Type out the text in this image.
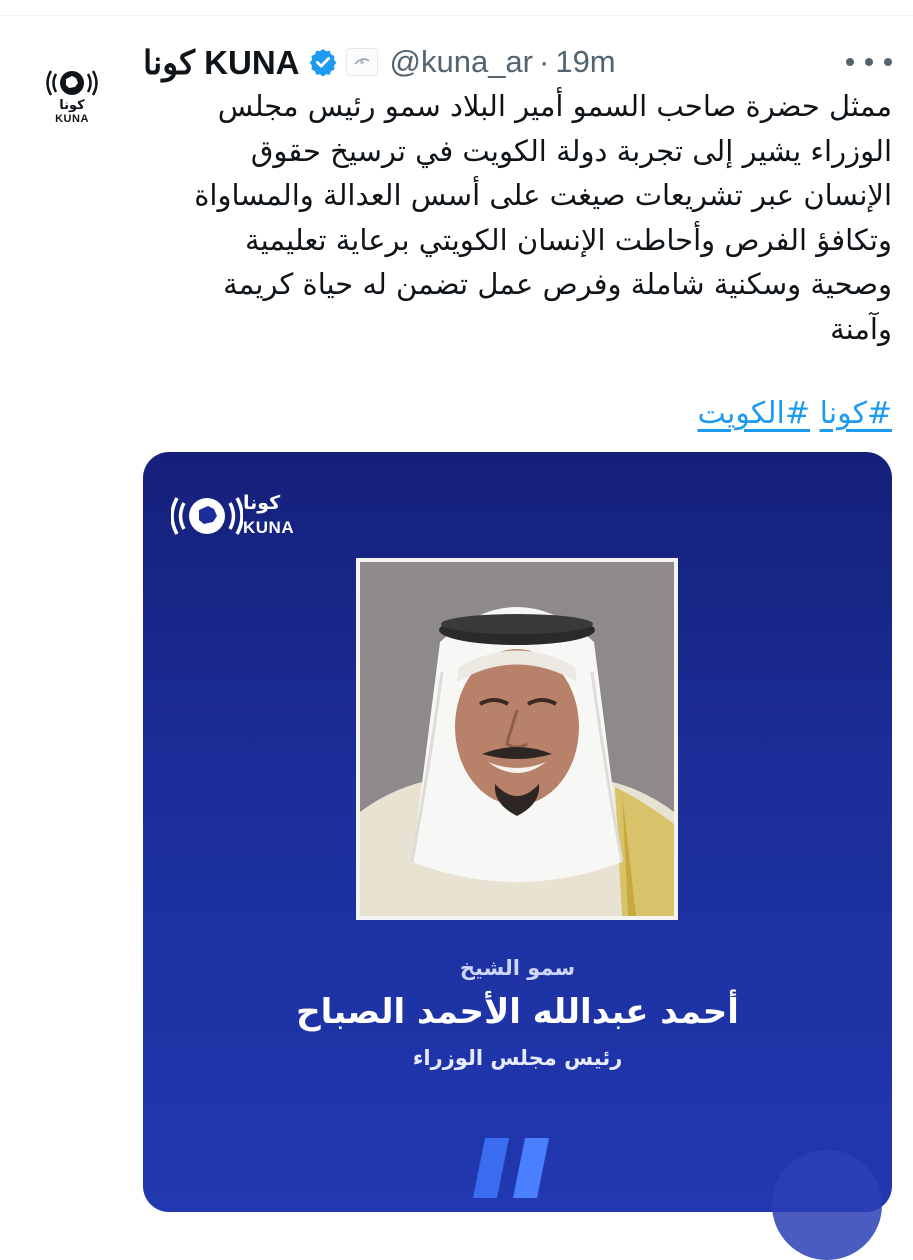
كونا
KUNA
كونا KUNA	@kuna_ar · 19m
ممثل حضرة صاحب السمو أمير البلاد سمو رئيس مجلس
الوزراء يشير إلى تجربة دولة الكويت في ترسيخ حقوق
الإنسان عبر تشريعات صيغت على أسس العدالة والمساواة
وتكافؤ الفرص وأحاطت الإنسان الكويتي برعاية تعليمية
وصحية وسكنية شاملة وفرص عمل تضمن له حياة كريمة
وآمنة
#كونا #الكويت
كونا
KUNA
سمو الشيخ
أحمد عبدالله الأحمد الصباح
رئيس مجلس الوزراء
